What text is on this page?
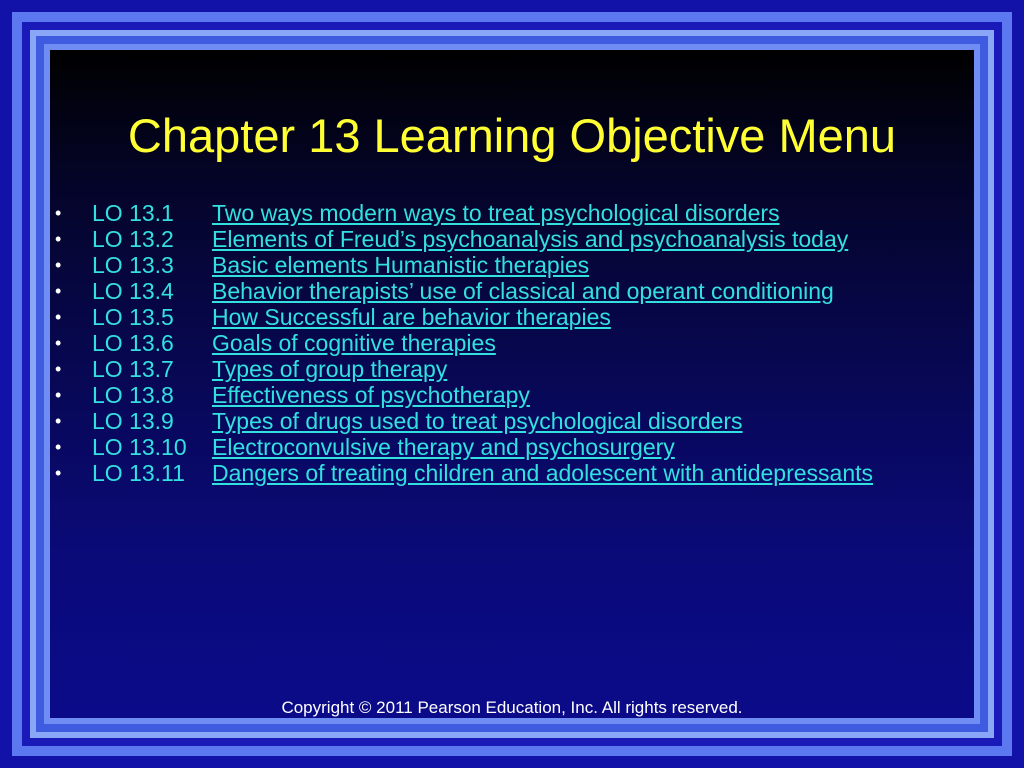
Chapter 13 Learning Objective Menu
• LO 13.1 Two ways modern ways to treat psychological disorders
• LO 13.2 Elements of Freud’s psychoanalysis and psychoanalysis today
• LO 13.3 Basic elements Humanistic therapies
• LO 13.4 Behavior therapists’ use of classical and operant conditioning
• LO 13.5 How Successful are behavior therapies
• LO 13.6 Goals of cognitive therapies
• LO 13.7 Types of group therapy
• LO 13.8 Effectiveness of psychotherapy
• LO 13.9 Types of drugs used to treat psychological disorders
• LO 13.10 Electroconvulsive therapy and psychosurgery
• LO 13.11 Dangers of treating children and adolescent with antidepressants
Copyright © 2011 Pearson Education, Inc. All rights reserved.
